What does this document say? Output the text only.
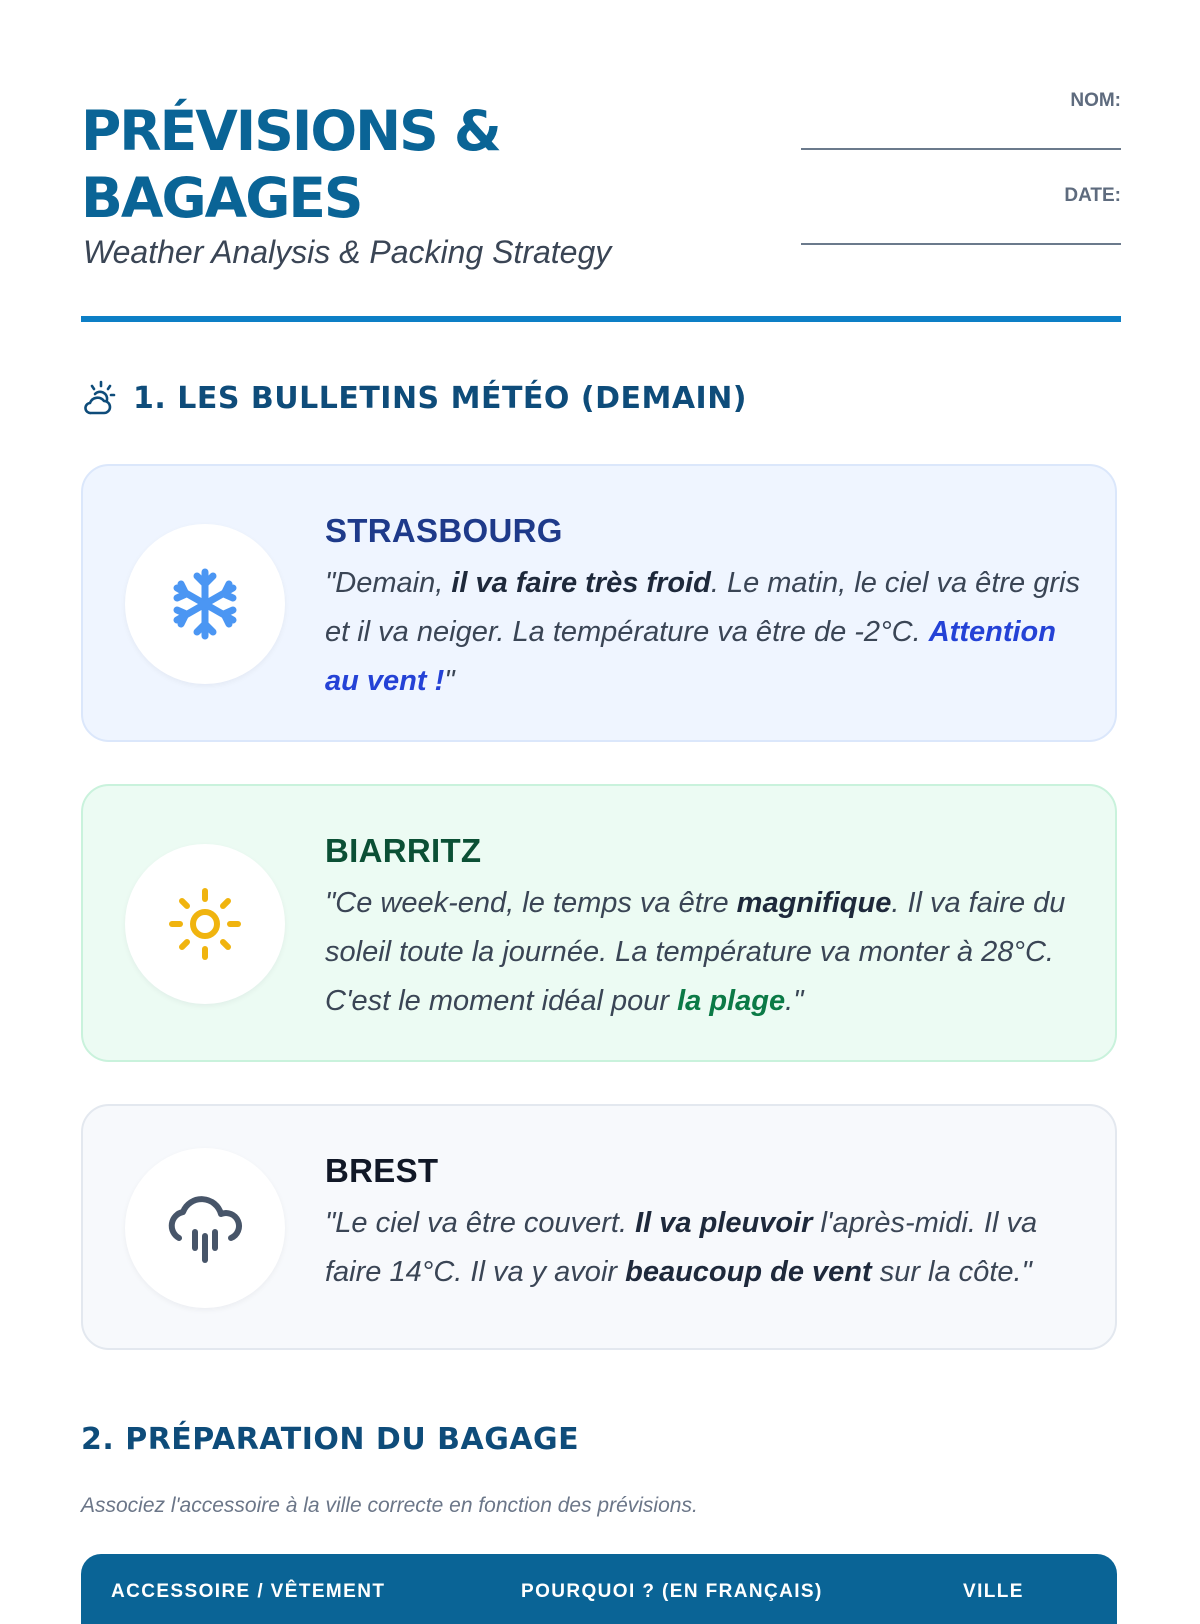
PRÉVISIONS &
BAGAGES
Weather Analysis & Packing Strategy
NOM:
DATE:
1. LES BULLETINS MÉTÉO (DEMAIN)
STRASBOURG
"Demain, il va faire très froid. Le matin, le ciel va être gris et il va neiger. La température va être de -2°C. Attention au vent !"
BIARRITZ
"Ce week-end, le temps va être magnifique. Il va faire du soleil toute la journée. La température va monter à 28°C. C'est le moment idéal pour la plage."
BREST
"Le ciel va être couvert. Il va pleuvoir l'après-midi. Il va faire 14°C. Il va y avoir beaucoup de vent sur la côte."
2. PRÉPARATION DU BAGAGE
Associez l'accessoire à la ville correcte en fonction des prévisions.
ACCESSOIRE / VÊTEMENT	POURQUOI ? (EN FRANÇAIS)	VILLE
